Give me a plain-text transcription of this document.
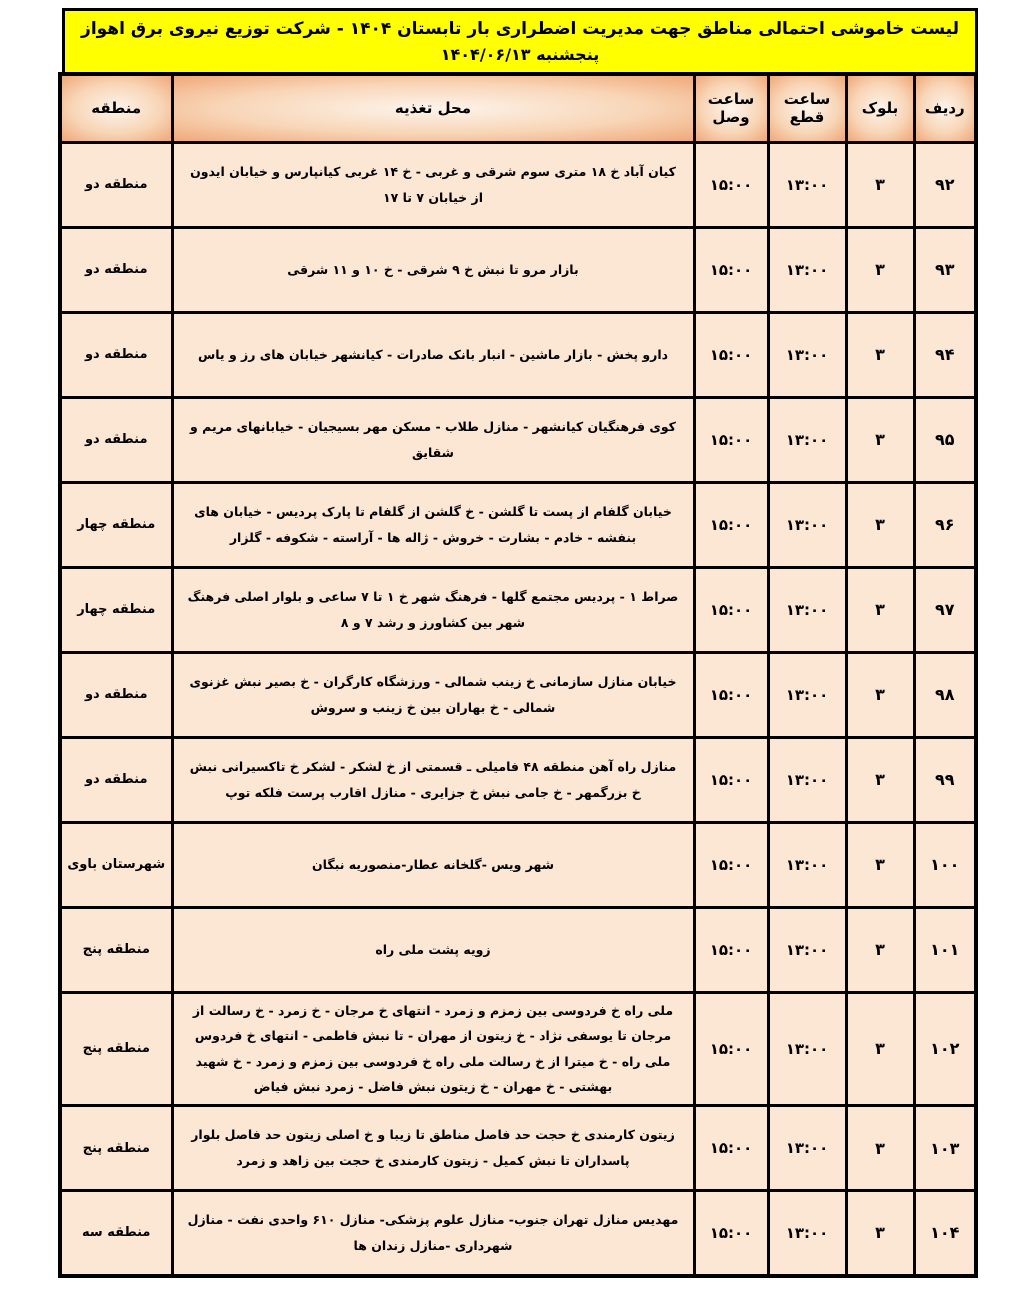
لیست خاموشی احتمالی مناطق جهت مدیریت اضطراری بار تابستان ۱۴۰۴ - شرکت توزیع نیروی برق اهواز
پنجشنبه ۱۴۰۴/۰۶/۱۳
ردیف	بلوک	ساعت قطع	ساعت وصل	محل تغذیه	منطقه
۹۲	۳	۱۳:۰۰	۱۵:۰۰	کیان آباد خ ۱۸ متری سوم شرقی و غربی - خ ۱۴ غربی کیانپارس و خیابان ایدون از خیابان ۷ تا ۱۷	منطقه دو
۹۳	۳	۱۳:۰۰	۱۵:۰۰	بازار مرو تا نبش خ ۹ شرقی - خ ۱۰ و ۱۱ شرقی	منطقه دو
۹۴	۳	۱۳:۰۰	۱۵:۰۰	دارو پخش - بازار ماشین - انبار بانک صادرات - کیانشهر خیابان های رز و یاس	منطقه دو
۹۵	۳	۱۳:۰۰	۱۵:۰۰	کوی فرهنگیان کیانشهر - منازل طلاب - مسکن مهر بسیجیان - خیابانهای مریم و شقایق	منطقه دو
۹۶	۳	۱۳:۰۰	۱۵:۰۰	خیابان گلفام از پست تا گلشن - خ گلشن از گلفام تا پارک پردیس - خیابان های بنفشه - خادم - بشارت - خروش - ژاله ها - آراسته - شکوفه - گلزار	منطقه چهار
۹۷	۳	۱۳:۰۰	۱۵:۰۰	صراط ۱ - پردیس مجتمع گلها - فرهنگ شهر خ ۱ تا ۷ ساعی و بلوار اصلی فرهنگ شهر بین کشاورز و رشد ۷ و ۸	منطقه چهار
۹۸	۳	۱۳:۰۰	۱۵:۰۰	خیابان منازل سازمانی خ زینب شمالی - ورزشگاه کارگران - خ بصیر نبش غزنوی شمالی - خ بهاران بین خ زینب و سروش	منطقه دو
۹۹	۳	۱۳:۰۰	۱۵:۰۰	منازل راه آهن منطقه ۴۸ فامیلی ـ قسمتی از خ لشکر - لشکر خ تاکسیرانی نبش خ بزرگمهر - خ جامی نبش خ جزایری - منازل اقارب پرست فلکه توپ	منطقه دو
۱۰۰	۳	۱۳:۰۰	۱۵:۰۰	شهر ویس -گلخانه عطار-منصوریه نبگان	شهرستان باوی
۱۰۱	۳	۱۳:۰۰	۱۵:۰۰	زویه پشت ملی راه	منطقه پنج
۱۰۲	۳	۱۳:۰۰	۱۵:۰۰	ملی راه خ فردوسی بین زمزم و زمرد - انتهای خ مرجان - خ زمرد - خ رسالت از مرجان تا یوسفی نژاد - خ زیتون از مهران - تا نبش فاطمی - انتهای خ فردوس ملی راه - خ میترا از خ رسالت ملی راه خ فردوسی بین زمزم و زمرد - خ شهید بهشتی - خ مهران - خ زیتون نبش فاضل - زمرد نبش فیاض	منطقه پنج
۱۰۳	۳	۱۳:۰۰	۱۵:۰۰	زیتون کارمندی خ حجت حد فاصل مناطق تا زیبا و خ اصلی زیتون حد فاصل بلوار پاسداران تا نبش کمیل - زیتون کارمندی خ حجت بین زاهد و زمرد	منطقه پنج
۱۰۴	۳	۱۳:۰۰	۱۵:۰۰	مهدیس منازل تهران جنوب- منازل علوم پزشکی- منازل ۶۱۰ واحدی نفت - منازل شهرداری -منازل زندان ها	منطقه سه
